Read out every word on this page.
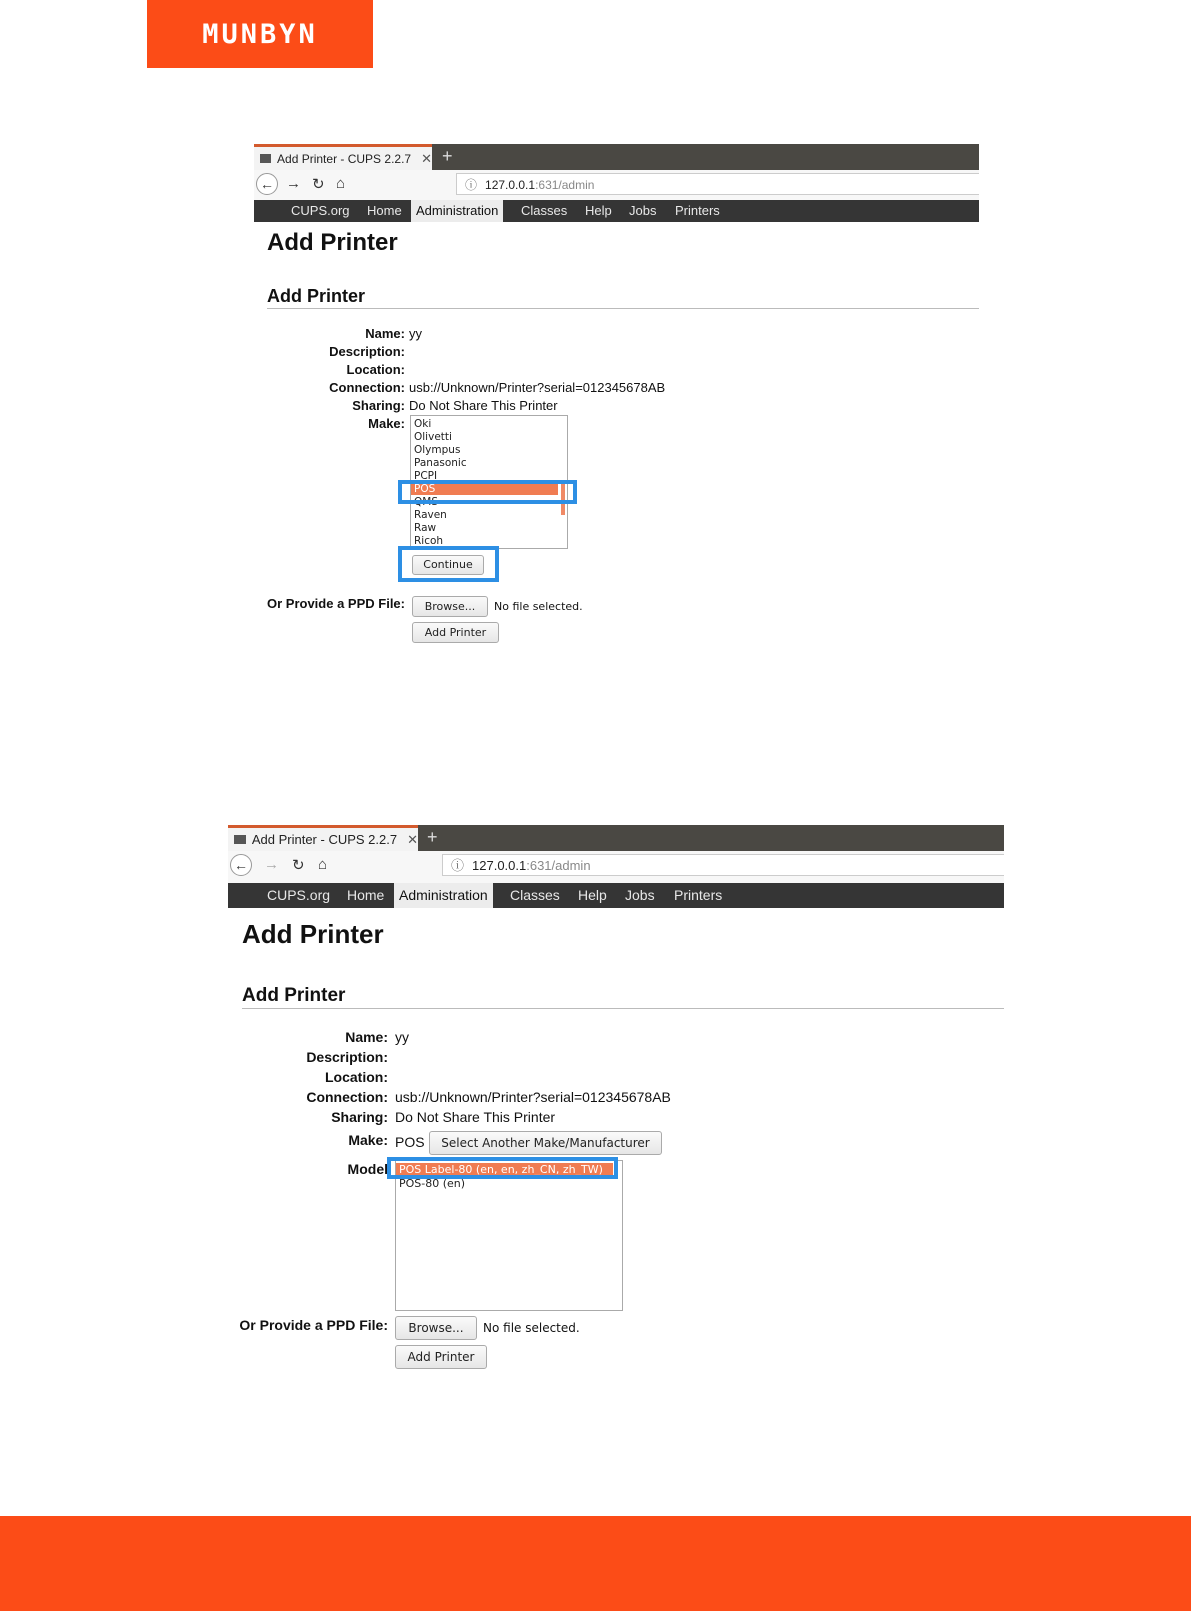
MUNBYN
Add Printer - CUPS 2.2.7 ✕ +
← → ↻ ⌂	ⓘ 127.0.0.1:631/admin
CUPS.org	Home	Administration	Classes	Help	Jobs	Printers
Add Printer
Add Printer
Name: yy
Description:
Location:
Connection: usb://Unknown/Printer?serial=012345678AB
Sharing: Do Not Share This Printer
Make: Oki
Olivetti
Olympus
Panasonic
PCPI
POS
QMS
Raven
Raw
Ricoh
Continue
Or Provide a PPD File:	Browse...	No file selected.
Add Printer
Add Printer - CUPS 2.2.7 ✕ +
← → ↻ ⌂	ⓘ 127.0.0.1:631/admin
CUPS.org	Home	Administration	Classes	Help	Jobs	Printers
Add Printer
Add Printer
Name: yy
Description:
Location:
Connection: usb://Unknown/Printer?serial=012345678AB
Sharing: Do Not Share This Printer
Make: POS	Select Another Make/Manufacturer
Model POS Label-80 (en, en, zh_CN, zh_TW)
POS-80 (en)
Or Provide a PPD File:	Browse...	No file selected.
Add Printer
